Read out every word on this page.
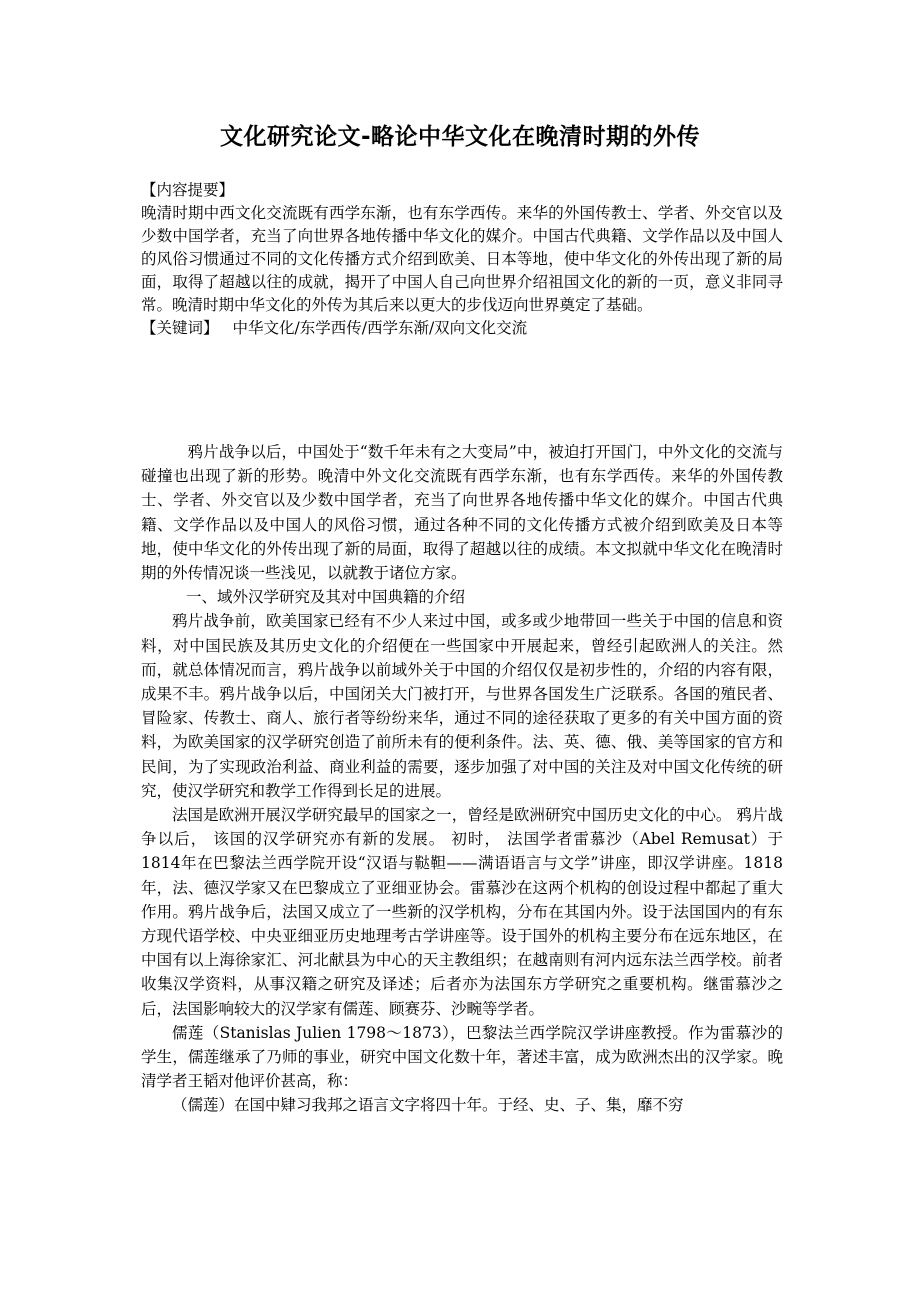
文化研究论文-略论中华文化在晚清时期的外传

【内容提要】

晚清时期中西文化交流既有西学东渐，也有东学西传。来华的外国传教士、学者、外交官以及少数中国学者，充当了向世界各地传播中华文化的媒介。中国古代典籍、文学作品以及中国人的风俗习惯通过不同的文化传播方式介绍到欧美、日本等地，使中华文化的外传出现了新的局面，取得了超越以往的成就，揭开了中国人自己向世界介绍祖国文化的新的一页，意义非同寻常。晚清时期中华文化的外传为其后来以更大的步伐迈向世界奠定了基础。

【关键词】 中华文化/东学西传/西学东渐/双向文化交流

鸦片战争以后，中国处于“数千年未有之大变局”中，被迫打开国门，中外文化的交流与碰撞也出现了新的形势。晚清中外文化交流既有西学东渐，也有东学西传。来华的外国传教士、学者、外交官以及少数中国学者，充当了向世界各地传播中华文化的媒介。中国古代典籍、文学作品以及中国人的风俗习惯，通过各种不同的文化传播方式被介绍到欧美及日本等地，使中华文化的外传出现了新的局面，取得了超越以往的成绩。本文拟就中华文化在晚清时期的外传情况谈一些浅见，以就教于诸位方家。

一、域外汉学研究及其对中国典籍的介绍

鸦片战争前，欧美国家已经有不少人来过中国，或多或少地带回一些关于中国的信息和资料，对中国民族及其历史文化的介绍便在一些国家中开展起来，曾经引起欧洲人的关注。然而，就总体情况而言，鸦片战争以前域外关于中国的介绍仅仅是初步性的，介绍的内容有限，成果不丰。鸦片战争以后，中国闭关大门被打开，与世界各国发生广泛联系。各国的殖民者、冒险家、传教士、商人、旅行者等纷纷来华，通过不同的途径获取了更多的有关中国方面的资料，为欧美国家的汉学研究创造了前所未有的便利条件。法、英、德、俄、美等国家的官方和民间，为了实现政治利益、商业利益的需要，逐步加强了对中国的关注及对中国文化传统的研究，使汉学研究和教学工作得到长足的进展。

法国是欧洲开展汉学研究最早的国家之一，曾经是欧洲研究中国历史文化的中心。 鸦片战争以后， 该国的汉学研究亦有新的发展。 初时， 法国学者雷慕沙（Abel Remusat）于1814年在巴黎法兰西学院开设“汉语与鞑靼——满语语言与文学”讲座，即汉学讲座。1818年，法、德汉学家又在巴黎成立了亚细亚协会。雷慕沙在这两个机构的创设过程中都起了重大作用。鸦片战争后，法国又成立了一些新的汉学机构，分布在其国内外。设于法国国内的有东方现代语学校、中央亚细亚历史地理考古学讲座等。设于国外的机构主要分布在远东地区，在中国有以上海徐家汇、河北献县为中心的天主教组织；在越南则有河内远东法兰西学校。前者收集汉学资料，从事汉籍之研究及译述；后者亦为法国东方学研究之重要机构。继雷慕沙之后，法国影响较大的汉学家有儒莲、顾赛芬、沙畹等学者。

儒莲（Stanislas Julien 1798～1873），巴黎法兰西学院汉学讲座教授。作为雷慕沙的学生，儒莲继承了乃师的事业，研究中国文化数十年，著述丰富，成为欧洲杰出的汉学家。晚清学者王韬对他评价甚高，称：

（儒莲）在国中肄习我邦之语言文字将四十年。于经、史、子、集，靡不穷
